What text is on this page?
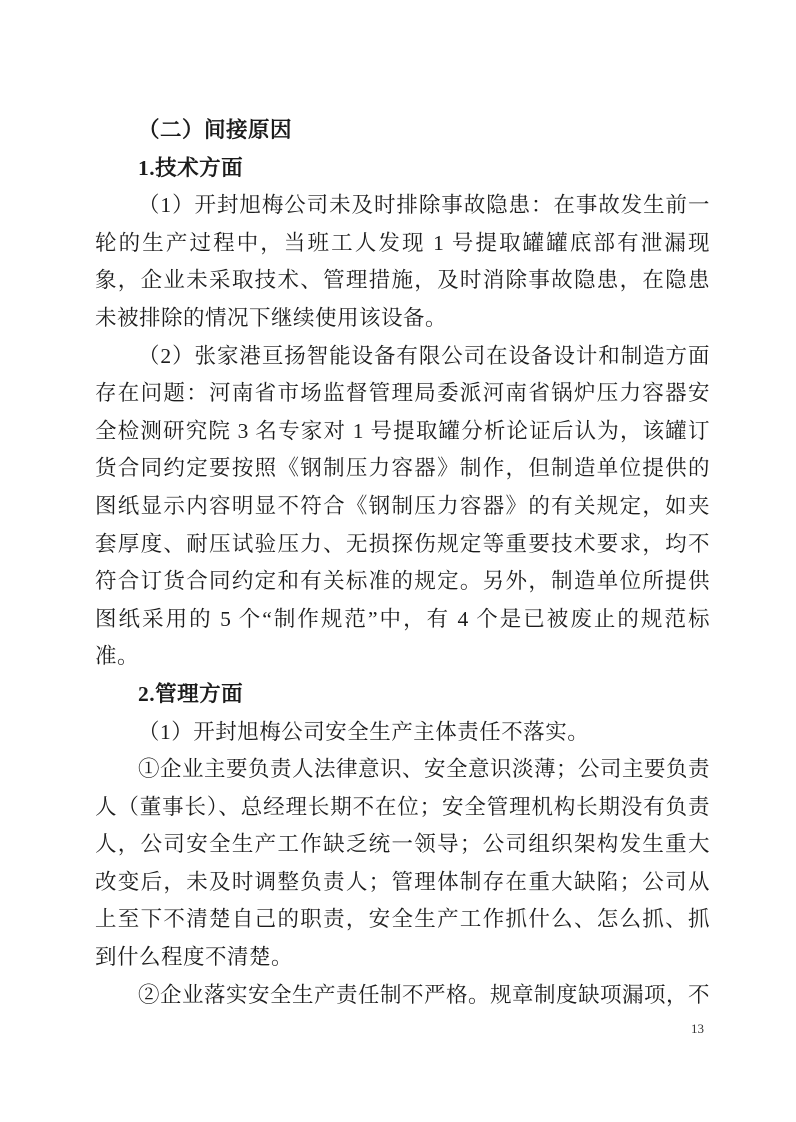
（二）间接原因

1.技术方面

（1）开封旭梅公司未及时排除事故隐患：在事故发生前一轮的生产过程中，当班工人发现 1 号提取罐罐底部有泄漏现象，企业未采取技术、管理措施，及时消除事故隐患，在隐患未被排除的情况下继续使用该设备。

（2）张家港亘扬智能设备有限公司在设备设计和制造方面存在问题：河南省市场监督管理局委派河南省锅炉压力容器安全检测研究院 3 名专家对 1 号提取罐分析论证后认为，该罐订货合同约定要按照《钢制压力容器》制作，但制造单位提供的图纸显示内容明显不符合《钢制压力容器》的有关规定，如夹套厚度、耐压试验压力、无损探伤规定等重要技术要求，均不符合订货合同约定和有关标准的规定。另外，制造单位所提供图纸采用的 5 个“制作规范”中，有 4 个是已被废止的规范标准。

2.管理方面

（1）开封旭梅公司安全生产主体责任不落实。

①企业主要负责人法律意识、安全意识淡薄；公司主要负责人（董事长）、总经理长期不在位；安全管理机构长期没有负责人，公司安全生产工作缺乏统一领导；公司组织架构发生重大改变后，未及时调整负责人；管理体制存在重大缺陷；公司从上至下不清楚自己的职责，安全生产工作抓什么、怎么抓、抓到什么程度不清楚。

②企业落实安全生产责任制不严格。规章制度缺项漏项，不

13
